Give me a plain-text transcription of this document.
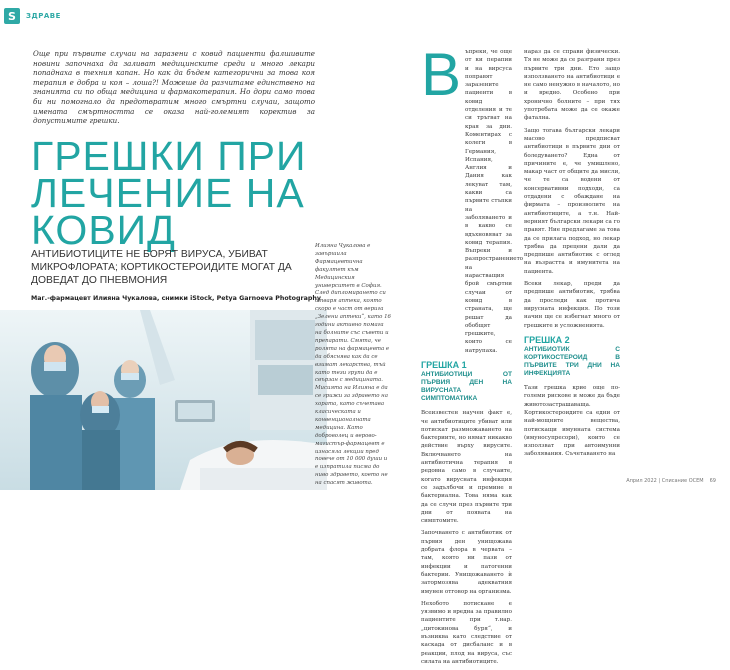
S	ЗДРАВЕ

Още при първите случаи на заразени с ковид пациенти фалшивите новини започнаха да заливат медицинските среди и много лекари попаднаха в техния капан. Но как да бъдем категорични за това коя терапия е добра и коя – лоша?! Можеше да разчитаме единствено на знанията си по обща медицина и фармакотерапия. Но дори само това би ни помогнало да предотвратим много смъртни случаи, защото имената смъртността се оказа най-големият коректив за допустимите грешки.

ГРЕШКИ ПРИ ЛЕЧЕНИЕ НА КОВИД
АНТИБИОТИЦИТЕ НЕ БОРЯТ ВИРУСА, УБИВАТ МИКРОФЛОРАТА; КОРТИКОСТЕРОИДИТЕ МОГАТ ДА ДОВЕДАТ ДО ПНЕВМОНИЯ
Маг.-фармацевт Илияна Чукалова, снимки iStock, Petya Garnoeva Photography
Илияна Чукалова е завършила Фармацевтична факултет към Медицинския университет в София. След дипломирането си отваря аптека, която скоро е част от верига „Зелени аптеки“, като 16 години активно помага на болните със съвети и препарати. Смята, че ролята на фармацевта е да обяснява как да се взимат лекарства, тъй като тези групи да е свързан с медицината. Мисията на Илияна е да се грижи за здравето на хората, като съчетава класическата и конвенционалната медицина. Като доброволец и верово-магистър-фармацевт е изнасяла лекции пред повече от 10 000 души и е изпратила писма до ниво здравето, което не на спасят живота.
В ъпреки, че още от ки перапии и на вирсуса поправят заразените пациенти в ковид отделения и те си тръгват на края за дни. Коментирах с колеги в Германия, Испания, Англия и Дания как лекуват там, какви са първите стъпки на заболяването и в какво се вдъхновяват за ковид терапия. Въпреки и разпространението на нарастващия брой смъртни случаи от ковид в страната, ще решат да обобщят грешките, които се натрупаха.

ГРЕШКА 1
АНТИБИОТИЦИ ОТ ПЪРВИЯ ДЕН НА ВИРУСНАТА СИМПТОМАТИКА

Всеизвестен научен факт е, че антибиотиците убиват или потискат размножаването на бактериите, но нямат никакво действие върху вирусите. Включването на антибиотична терапия в редовна само в случаите, когато вирусната инфекция се задълбочи и премине в бактериална. Това няма как да се случи през първите три дни от появата на симптомите.

Започването с антибиотик от първия ден унищожава добрата флора в червата – там, която ни пази от инфекции и патогенни бактерии. Унищожаването ѝ затормозява адекватния имунен отговор на организма.

Нехобото потискане е уязвимо и вредна за правилно пациентите при т.нар. „цитокинова буря“, и възниква като следствие от каскада от дисбаланс и в реакции, плод на вируса, със силата на антибиотиците.

нараз да се справи физически. Тя не може да се разграни през първите три дни. Ето защо използването на антибиотици е не само ненужно в началото, но и вредно. Особено при хронично болните – при тях употребата може да се окаже фатална.

Защо тогава български лекари масово предписват антибиотици в първите дни от боледуването? Една от причините е, че умишлено, макар част от общите да мисли, че те са водени от консервативни подходи, са отдадени с обаждане на фирмата – произволите на антибиотиците, а т.н. Най-верният български лекари са го правят. Ние предлагаме за това да се прилага подход, но лекар трябва да прецени дали да предпише антибиотик с оглед на възрастта и имунитета на пациента.

Всеки лекар, преди да предпише антибиотик, трябва да проследи как протича вирусната инфекция. По този начин ще се избегнат много от грешките и усложненията.

ГРЕШКА 2
АНТИБИОТИК С КОРТИКОСТЕРОИД В ПЪРВИТЕ ТРИ ДНИ НА ИНФЕКЦИЯТА

Тази грешка крие още по-големи рискове и може да бъде животозастрашаваща. Кортикостероидите са едни от най-мощните вещества, потискащи имунната система (имуносупресори), които се използват при автоимунни заболявания. Съчетаването на

Април 2022 | Списание OCEM 69
